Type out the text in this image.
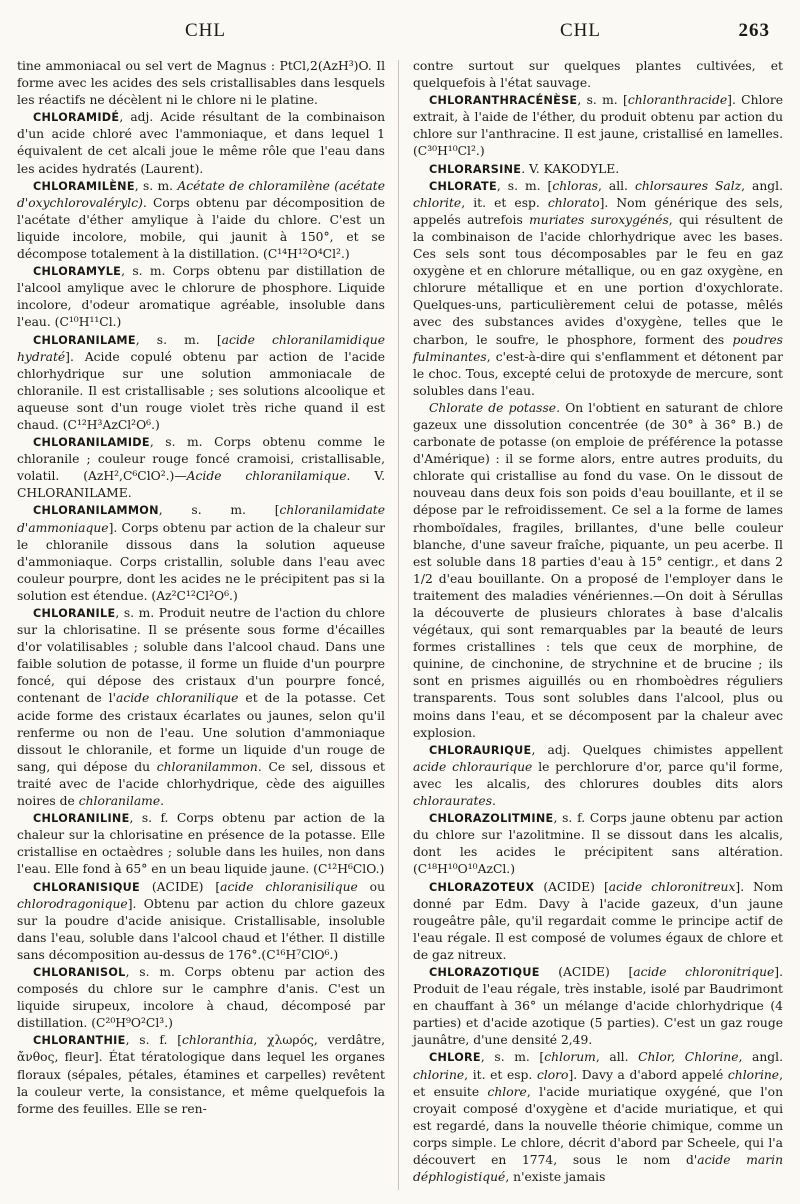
CHL	CHL	263

tine ammoniacal ou sel vert de Magnus : PtCl,2(AzH³)O. Il forme avec les acides des sels cristallisables dans lesquels les réactifs ne décèlent ni le chlore ni le platine.

CHLORAMIDÉ, adj. Acide résultant de la combinaison d'un acide chloré avec l'ammoniaque, et dans lequel 1 équivalent de cet alcali joue le même rôle que l'eau dans les acides hydratés (Laurent).

CHLORAMILÈNE, s. m. Acétate de chloramilène (acétate d'oxychlorovalérylc). Corps obtenu par décomposition de l'acétate d'éther amylique à l'aide du chlore. C'est un liquide incolore, mobile, qui jaunit à 150°, et se décompose totalement à la distillation. (C¹⁴H¹²O⁴Cl².)

CHLORAMYLE, s. m. Corps obtenu par distillation de l'alcool amylique avec le chlorure de phosphore. Liquide incolore, d'odeur aromatique agréable, insoluble dans l'eau. (C¹⁰H¹¹Cl.)

CHLORANILAME, s. m. [acide chloranilamidique hydraté]. Acide copulé obtenu par action de l'acide chlorhydrique sur une solution ammoniacale de chloranile. Il est cristallisable ; ses solutions alcoolique et aqueuse sont d'un rouge violet très riche quand il est chaud. (C¹²H³AzCl²O⁶.)

CHLORANILAMIDE, s. m. Corps obtenu comme le chloranile ; couleur rouge foncé cramoisi, cristallisable, volatil. (AzH²,C⁶ClO².)—Acide chloranilamique. V. CHLORANILAME.

CHLORANILAMMON, s. m. [chloranilamidate d'ammoniaque]. Corps obtenu par action de la chaleur sur le chloranile dissous dans la solution aqueuse d'ammoniaque. Corps cristallin, soluble dans l'eau avec couleur pourpre, dont les acides ne le précipitent pas si la solution est étendue. (Az²C¹²Cl²O⁶.)

CHLORANILE, s. m. Produit neutre de l'action du chlore sur la chlorisatine. Il se présente sous forme d'écailles d'or volatilisables ; soluble dans l'alcool chaud. Dans une faible solution de potasse, il forme un fluide d'un pourpre foncé, qui dépose des cristaux d'un pourpre foncé, contenant de l'acide chloranilique et de la potasse. Cet acide forme des cristaux écarlates ou jaunes, selon qu'il renferme ou non de l'eau. Une solution d'ammoniaque dissout le chloranile, et forme un liquide d'un rouge de sang, qui dépose du chloranilammon. Ce sel, dissous et traité avec de l'acide chlorhydrique, cède des aiguilles noires de chloranilame.

CHLORANILINE, s. f. Corps obtenu par action de la chaleur sur la chlorisatine en présence de la potasse. Elle cristallise en octaèdres ; soluble dans les huiles, non dans l'eau. Elle fond à 65° en un beau liquide jaune. (C¹²H⁶ClO.)

CHLORANISIQUE (ACIDE) [acide chloranisilique ou chlorodragonique]. Obtenu par action du chlore gazeux sur la poudre d'acide anisique. Cristallisable, insoluble dans l'eau, soluble dans l'alcool chaud et l'éther. Il distille sans décomposition au-dessus de 176°.(C¹⁶H⁷ClO⁶.)

CHLORANISOL, s. m. Corps obtenu par action des composés du chlore sur le camphre d'anis. C'est un liquide sirupeux, incolore à chaud, décomposé par distillation. (C²⁰H⁹O²Cl³.)

CHLORANTHIE, s. f. [chloranthia, χλωρός, verdâtre, ἄνθος, fleur]. État tératologique dans lequel les organes floraux (sépales, pétales, étamines et carpelles) revêtent la couleur verte, la consistance, et même quelquefois la forme des feuilles. Elle se ren-

contre surtout sur quelques plantes cultivées, et quelquefois à l'état sauvage.

CHLORANTHRACÉNÈSE, s. m. [chloranthracide]. Chlore extrait, à l'aide de l'éther, du produit obtenu par action du chlore sur l'anthracine. Il est jaune, cristallisé en lamelles. (C³⁰H¹⁰Cl².)

CHLORARSINE. V. KAKODYLE.

CHLORATE, s. m. [chloras, all. chlorsaures Salz, angl. chlorite, it. et esp. chlorato]. Nom générique des sels, appelés autrefois muriates suroxygénés, qui résultent de la combinaison de l'acide chlorhydrique avec les bases. Ces sels sont tous décomposables par le feu en gaz oxygène et en chlorure métallique, ou en gaz oxygène, en chlorure métallique et en une portion d'oxychlorate. Quelques-uns, particulièrement celui de potasse, mêlés avec des substances avides d'oxygène, telles que le charbon, le soufre, le phosphore, forment des poudres fulminantes, c'est-à-dire qui s'enflamment et détonent par le choc. Tous, excepté celui de protoxyde de mercure, sont solubles dans l'eau.

Chlorate de potasse. On l'obtient en saturant de chlore gazeux une dissolution concentrée (de 30° à 36° B.) de carbonate de potasse (on emploie de préférence la potasse d'Amérique) : il se forme alors, entre autres produits, du chlorate qui cristallise au fond du vase. On le dissout de nouveau dans deux fois son poids d'eau bouillante, et il se dépose par le refroidissement. Ce sel a la forme de lames rhomboïdales, fragiles, brillantes, d'une belle couleur blanche, d'une saveur fraîche, piquante, un peu acerbe. Il est soluble dans 18 parties d'eau à 15° centigr., et dans 2 1/2 d'eau bouillante. On a proposé de l'employer dans le traitement des maladies vénériennes.—On doit à Sérullas la découverte de plusieurs chlorates à base d'alcalis végétaux, qui sont remarquables par la beauté de leurs formes cristallines : tels que ceux de morphine, de quinine, de cinchonine, de strychnine et de brucine ; ils sont en prismes aiguillés ou en rhomboèdres réguliers transparents. Tous sont solubles dans l'alcool, plus ou moins dans l'eau, et se décomposent par la chaleur avec explosion.

CHLORAURIQUE, adj. Quelques chimistes appellent acide chloraurique le perchlorure d'or, parce qu'il forme, avec les alcalis, des chlorures doubles dits alors chloraurates.

CHLORAZOLITMINE, s. f. Corps jaune obtenu par action du chlore sur l'azolitmine. Il se dissout dans les alcalis, dont les acides le précipitent sans altération. (C¹⁸H¹⁰O¹⁰AzCl.)

CHLORAZOTEUX (ACIDE) [acide chloronitreux]. Nom donné par Edm. Davy à l'acide gazeux, d'un jaune rougeâtre pâle, qu'il regardait comme le principe actif de l'eau régale. Il est composé de volumes égaux de chlore et de gaz nitreux.

CHLORAZOTIQUE (ACIDE) [acide chloronitrique]. Produit de l'eau régale, très instable, isolé par Baudrimont en chauffant à 36° un mélange d'acide chlorhydrique (4 parties) et d'acide azotique (5 parties). C'est un gaz rouge jaunâtre, d'une densité 2,49.

CHLORE, s. m. [chlorum, all. Chlor, Chlorine, angl. chlorine, it. et esp. cloro]. Davy a d'abord appelé chlorine, et ensuite chlore, l'acide muriatique oxygéné, que l'on croyait composé d'oxygène et d'acide muriatique, et qui est regardé, dans la nouvelle théorie chimique, comme un corps simple. Le chlore, décrit d'abord par Scheele, qui l'a découvert en 1774, sous le nom d'acide marin déphlogistiqué, n'existe jamais
